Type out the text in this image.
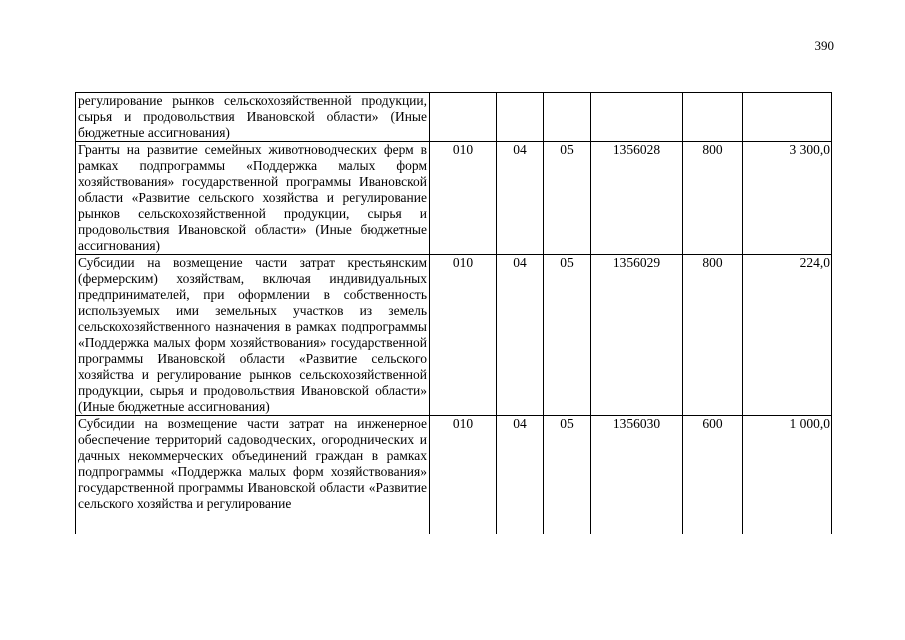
390
регулирование рынков сельскохозяйственной продукции, сырья и продовольствия Ивановской области» (Иные бюджетные ассигнования)						
Гранты на развитие семейных животноводческих ферм в рамках подпрограммы «Поддержка малых форм хозяйствования» государственной программы Ивановской области «Развитие сельского хозяйства и регулирование рынков сельскохозяйственной продукции, сырья и продовольствия Ивановской области» (Иные бюджетные ассигнования)	010	04	05	1356028	800	3 300,0
Субсидии на возмещение части затрат крестьянским (фермерским) хозяйствам, включая индивидуальных предпринимателей, при оформлении в собственность используемых ими земельных участков из земель сельскохозяйственного назначения в рамках подпрограммы «Поддержка малых форм хозяйствования» государственной программы Ивановской области «Развитие сельского хозяйства и регулирование рынков сельскохозяйственной продукции, сырья и продовольствия Ивановской области» (Иные бюджетные ассигнования)	010	04	05	1356029	800	224,0

Субсидии на возмещение части затрат на инженерное обеспечение территорий садоводческих, огороднических и дачных некоммерческих объединений граждан в рамках подпрограммы «Поддержка малых форм хозяйствования» государственной программы Ивановской области «Развитие сельского хозяйства и регулирование	010	04	05	1356030	600	1 000,0
